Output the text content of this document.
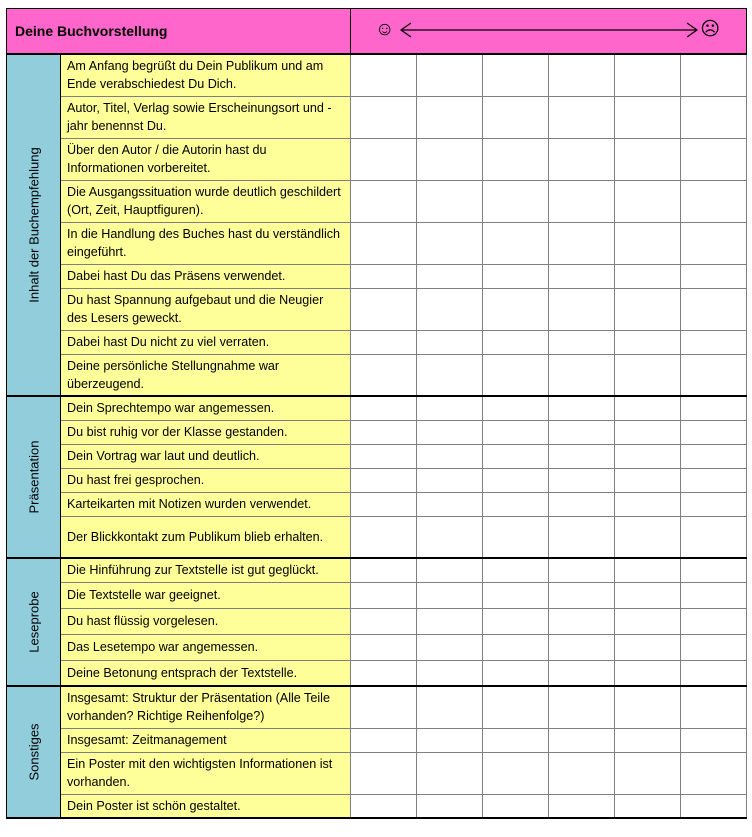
Deine Buchvorstellung		☺ ☹					

Inhalt der Buchempfehlung	Am Anfang begrüßt du Dein Publikum und am Ende verabschiedest Du Dich.						
	Autor, Titel, Verlag sowie Erscheinungsort und -jahr benennst Du.						
	Über den Autor / die Autorin hast du Informationen vorbereitet.						
	Die Ausgangssituation wurde deutlich geschildert (Ort, Zeit, Hauptfiguren).						
	In die Handlung des Buches hast du verständlich eingeführt.						
	Dabei hast Du das Präsens verwendet.						
	Du hast Spannung aufgebaut und die Neugier des Lesers geweckt.						
	Dabei hast Du nicht zu viel verraten.						
	Deine persönliche Stellungnahme war überzeugend.						

Präsentation	Dein Sprechtempo war angemessen.						
	Du bist ruhig vor der Klasse gestanden.						
	Dein Vortrag war laut und deutlich.						
	Du hast frei gesprochen.						
	Karteikarten mit Notizen wurden verwendet.						
	Der Blickkontakt zum Publikum blieb erhalten.						

Leseprobe	Die Hinführung zur Textstelle ist gut geglückt.						
	Die Textstelle war geeignet.						
	Du hast flüssig vorgelesen.						
	Das Lesetempo war angemessen.						
	Deine Betonung entsprach der Textstelle.						

Sonstiges	Insgesamt: Struktur der Präsentation (Alle Teile vorhanden? Richtige Reihenfolge?)						
	Insgesamt: Zeitmanagement						
	Ein Poster mit den wichtigsten Informationen ist vorhanden.						
	Dein Poster ist schön gestaltet.						
